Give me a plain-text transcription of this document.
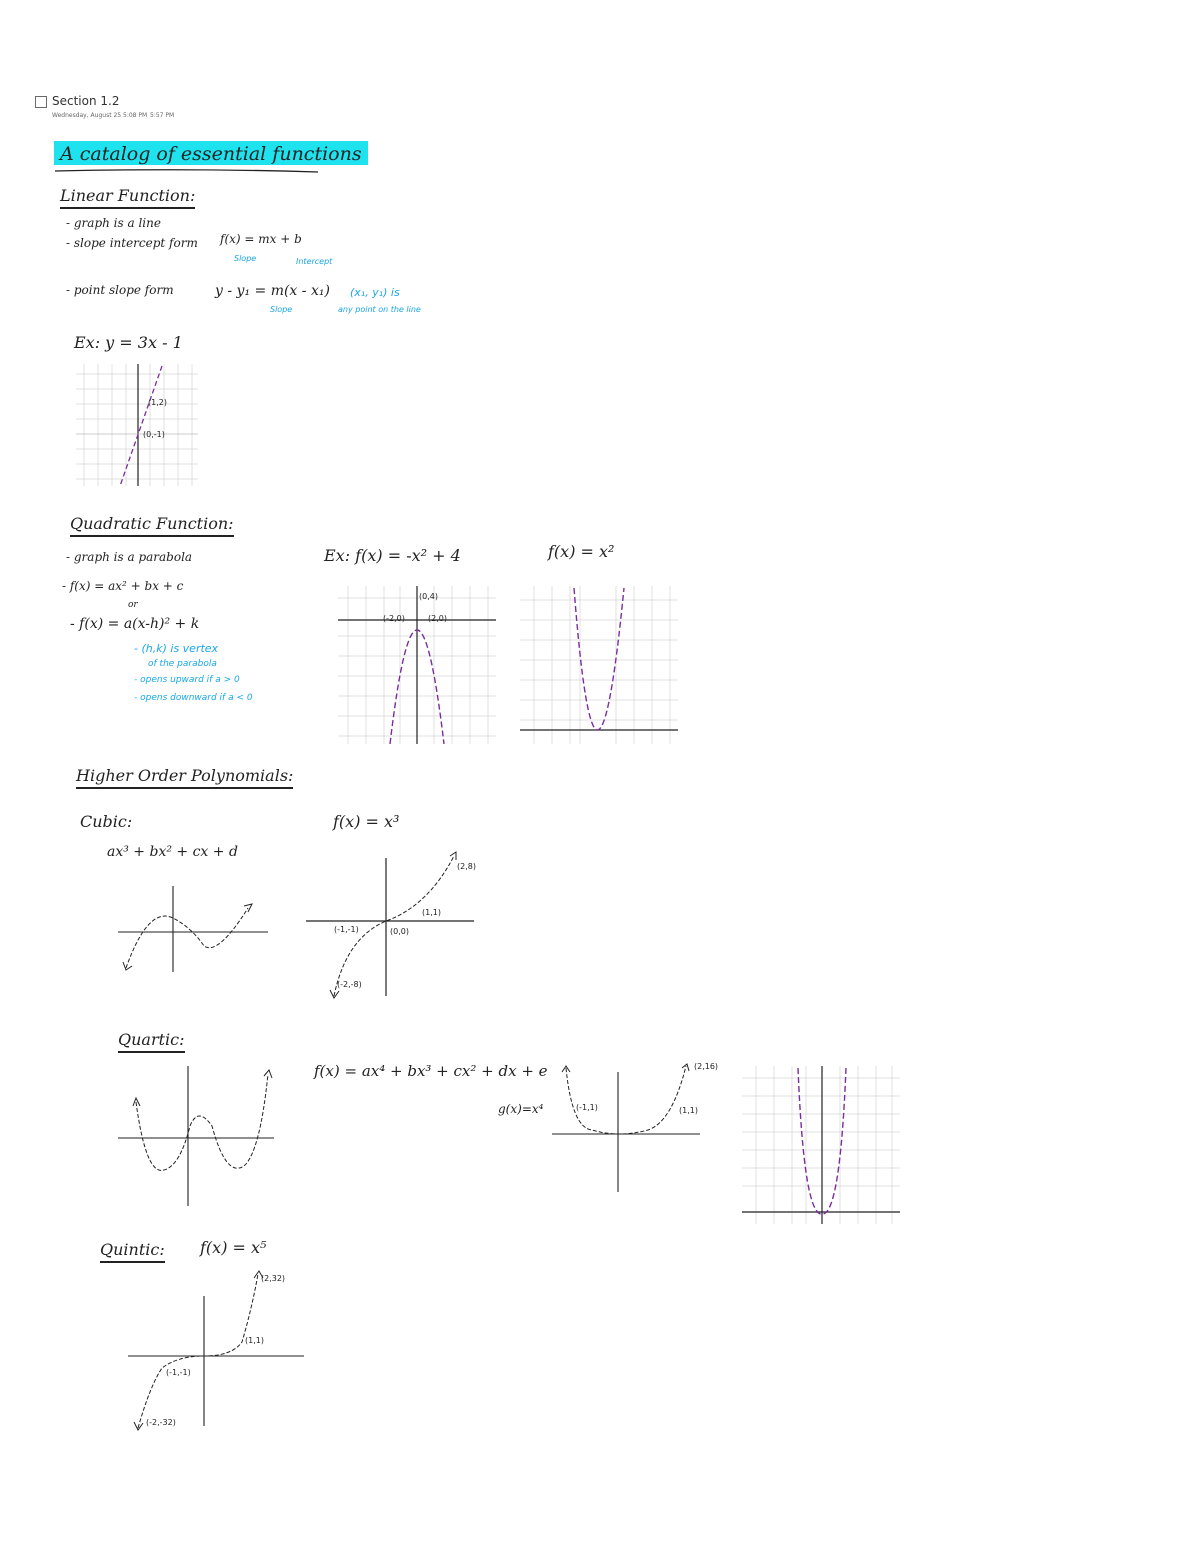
Section 1.2
Wednesday, August 25 5:08 PM 5:57 PM
A catalog of essential functions
Linear Function:
- graph is a line
- slope intercept form f(x) = mx + b
Slope	Intercept
- point slope form	y - y₁ = m(x - x₁) (x₁, y₁) is
any point on the line
Slope
Ex: y = 3x - 1
(1,2)
(0,-1)
Quadratic Function:
- graph is a parabola
- f(x) = ax² + bx + c
or
- f(x) = a(x-h)² + k
- (h,k) is vertex
of the parabola
- opens upward if a > 0
- opens downward if a < 0
Ex: f(x) = -x² + 4	f(x) = x²
(0,4)
(-2,0)	(2,0)
Higher Order Polynomials:
Cubic:
ax³ + bx² + cx + d
f(x) = x³
(2,8)
(1,1)
(-1,-1)	(0,0)
(-2,-8)
Quartic:
f(x) = ax⁴ + bx³ + cx² + dx + e
g(x)=x⁴
(2,16)
(-1,1)	(1,1)
Quintic: f(x) = x⁵
(2,32)
(1,1)
(-1,-1)
(-2,-32)
